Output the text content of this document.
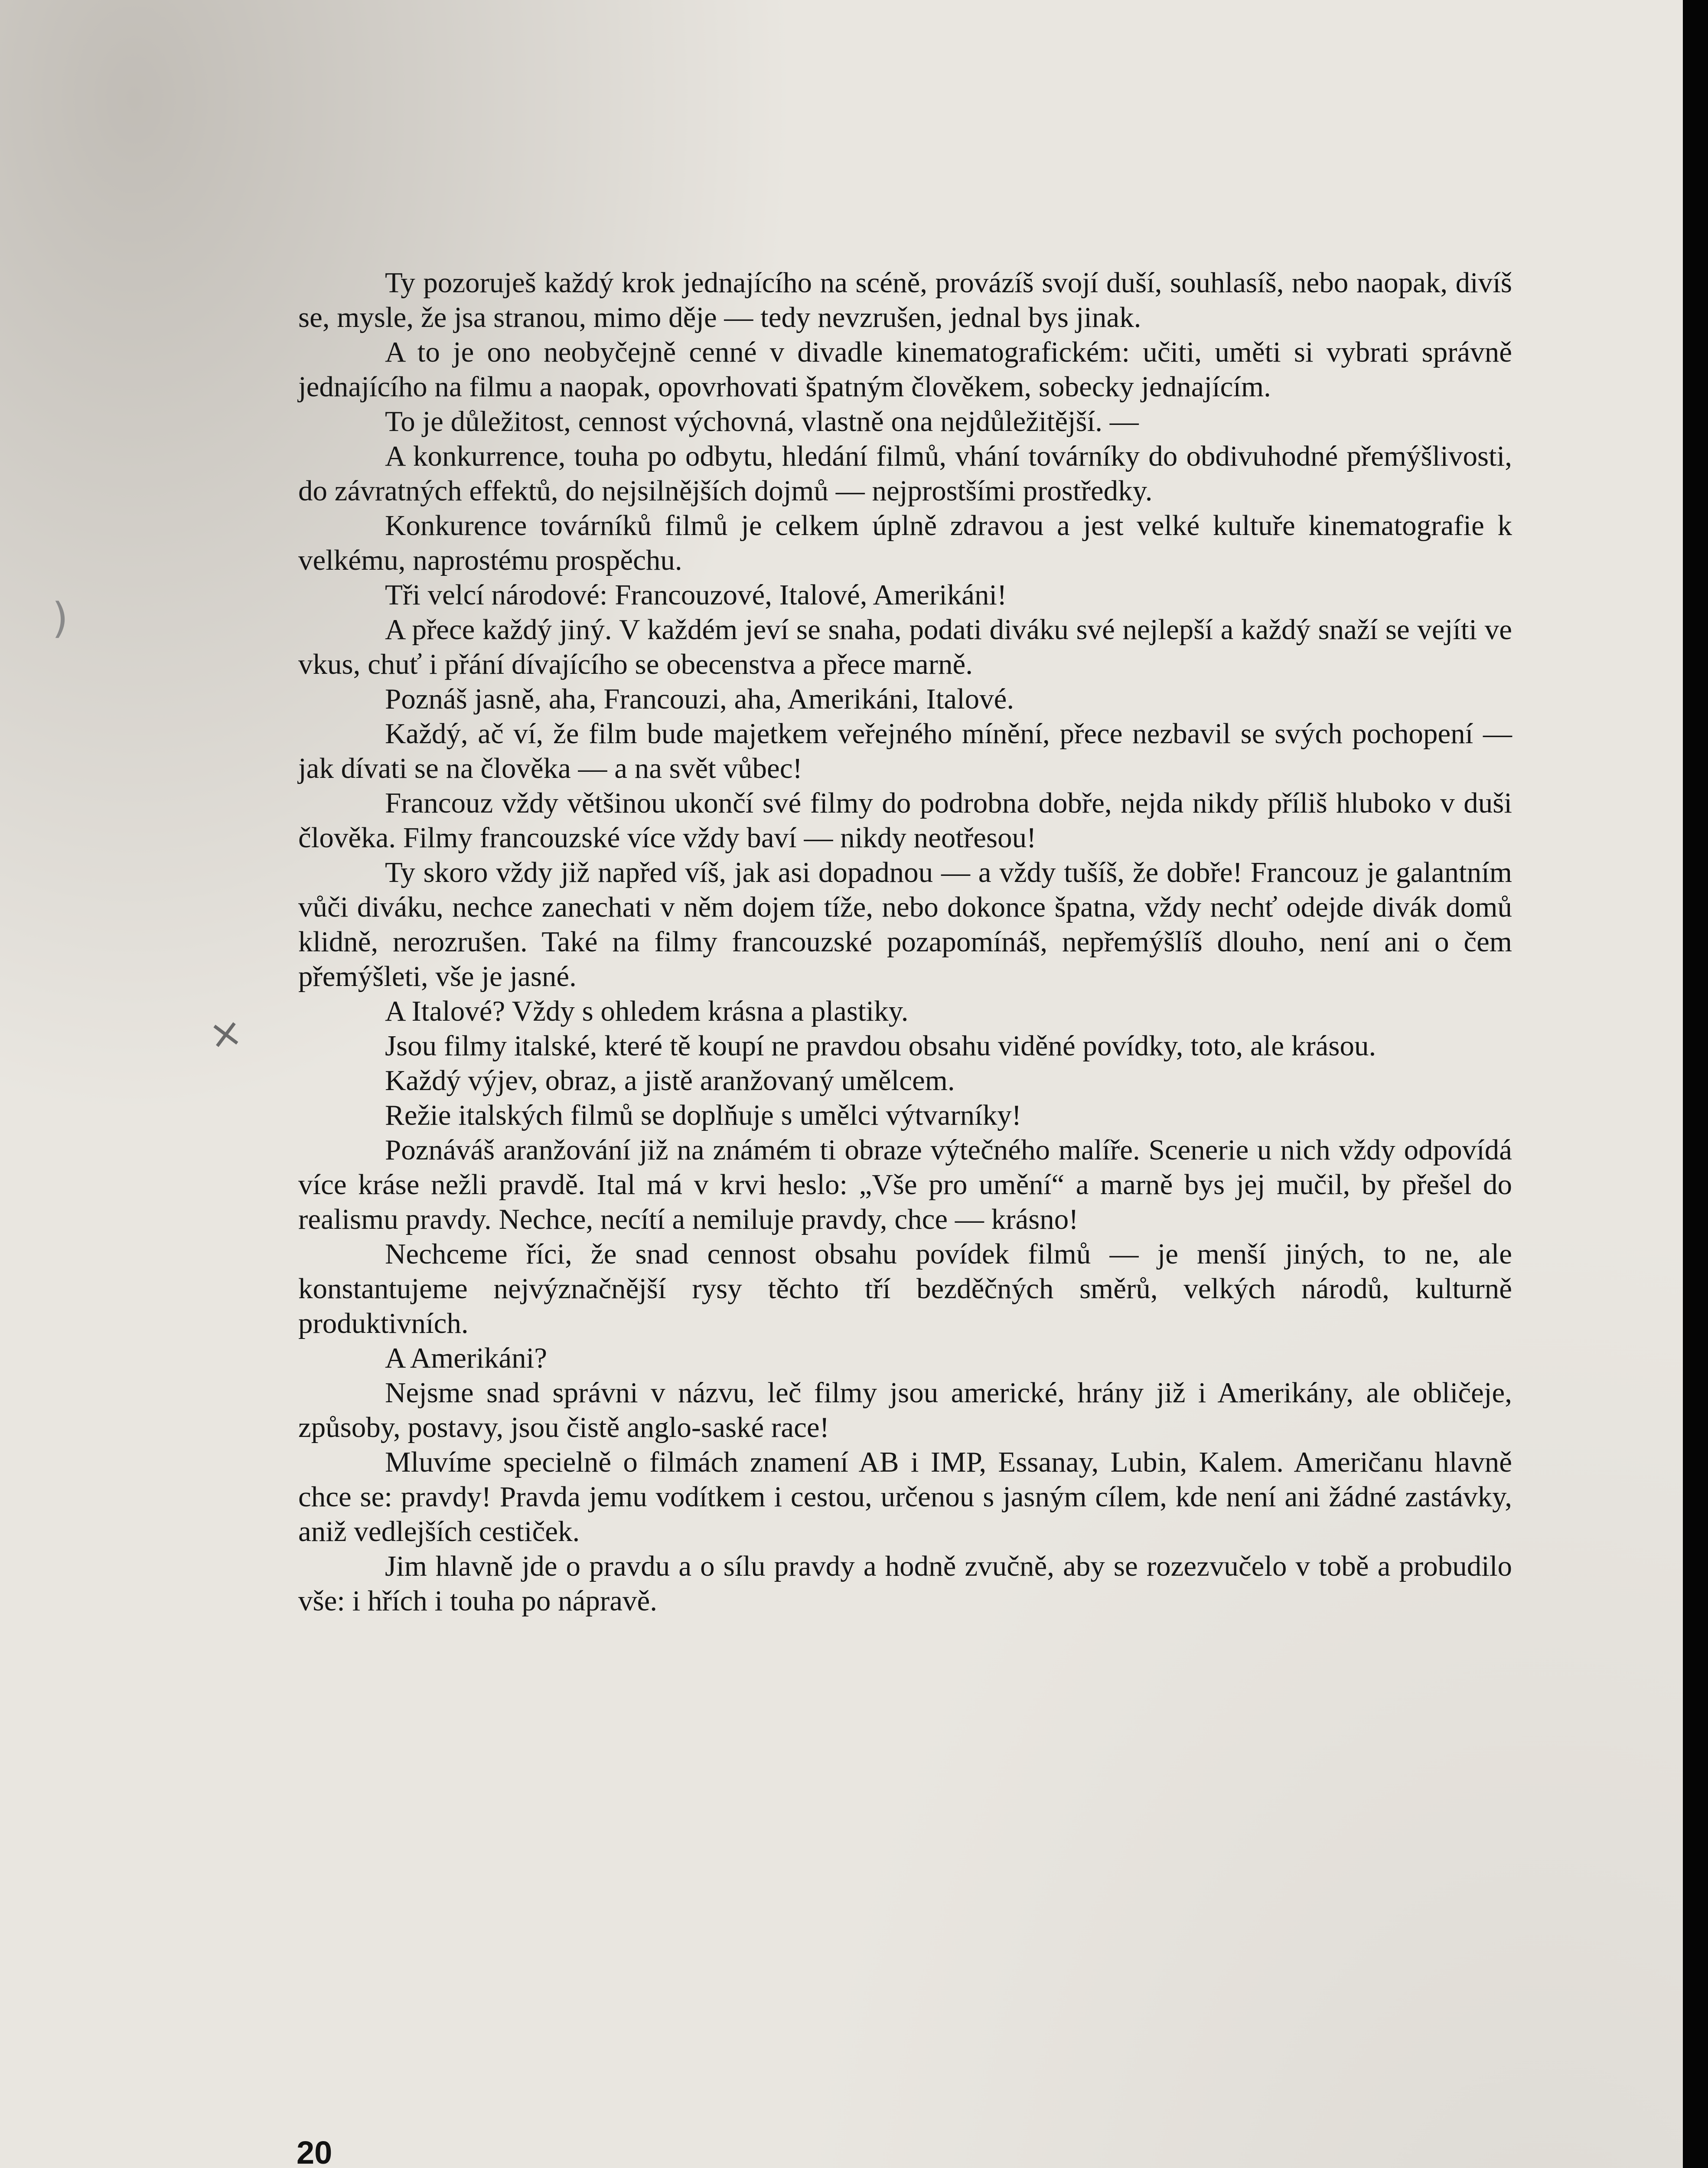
)
×

Ty pozoruješ každý krok jednajícího na scéně, provázíš svojí duší, souhlasíš, nebo naopak, divíš se, mysle, že jsa stranou, mimo děje — tedy nevzrušen, jednal bys jinak.

A to je ono neobyčejně cenné v divadle kinematografickém: učiti, uměti si vybrati správně jednajícího na filmu a naopak, opovrhovati špatným člověkem, sobecky jednajícím.

To je důležitost, cennost výchovná, vlastně ona nejdůležitější. —

A konkurrence, touha po odbytu, hledání filmů, vhání továrníky do obdivuhodné přemýšlivosti, do závratných effektů, do nejsilnějších dojmů — nejprostšími prostředky.

Konkurence továrníků filmů je celkem úplně zdravou a jest velké kultuře kinematografie k velkému, naprostému prospěchu.

Tři velcí národové: Francouzové, Italové, Amerikáni!

A přece každý jiný. V každém jeví se snaha, podati diváku své nejlepší a každý snaží se vejíti ve vkus, chuť i přání dívajícího se obecenstva a přece marně.

Poznáš jasně, aha, Francouzi, aha, Amerikáni, Italové.

Každý, ač ví, že film bude majetkem veřejného mínění, přece nezbavil se svých pochopení — jak dívati se na člověka — a na svět vůbec!

Francouz vždy většinou ukončí své filmy do podrobna dobře, nejda nikdy příliš hluboko v duši člověka. Filmy francouzské více vždy baví — nikdy neotřesou!

Ty skoro vždy již napřed víš, jak asi dopadnou — a vždy tušíš, že dobře! Francouz je galantním vůči diváku, nechce zanechati v něm dojem tíže, nebo dokonce špatna, vždy nechť odejde divák domů klidně, nerozrušen. Také na filmy francouzské pozapomínáš, nepřemýšlíš dlouho, není ani o čem přemýšleti, vše je jasné.

A Italové? Vždy s ohledem krásna a plastiky.

Jsou filmy italské, které tě koupí ne pravdou obsahu viděné povídky, toto, ale krásou.

Každý výjev, obraz, a jistě aranžovaný umělcem.

Režie italských filmů se doplňuje s umělci výtvarníky!

Poznáváš aranžování již na známém ti obraze výtečného malíře. Scenerie u nich vždy odpovídá více kráse nežli pravdě. Ital má v krvi heslo: „Vše pro umění“ a marně bys jej mučil, by přešel do realismu pravdy. Nechce, necítí a nemiluje pravdy, chce — krásno!

Nechceme říci, že snad cennost obsahu povídek filmů — je menší jiných, to ne, ale konstantujeme nejvýznačnější rysy těchto tří bezděčných směrů, velkých národů, kulturně produktivních.

A Amerikáni?

Nejsme snad správni v názvu, leč filmy jsou americké, hrány již i Amerikány, ale obličeje, způsoby, postavy, jsou čistě anglo-saské race!

Mluvíme specielně o filmách znamení AB i IMP, Essanay, Lubin, Kalem. Američanu hlavně chce se: pravdy! Pravda jemu vodítkem i cestou, určenou s jasným cílem, kde není ani žádné zastávky, aniž vedlejších cestiček.

Jim hlavně jde o pravdu a o sílu pravdy a hodně zvučně, aby se rozezvučelo v tobě a probudilo vše: i hřích i touha po nápravě.

20
